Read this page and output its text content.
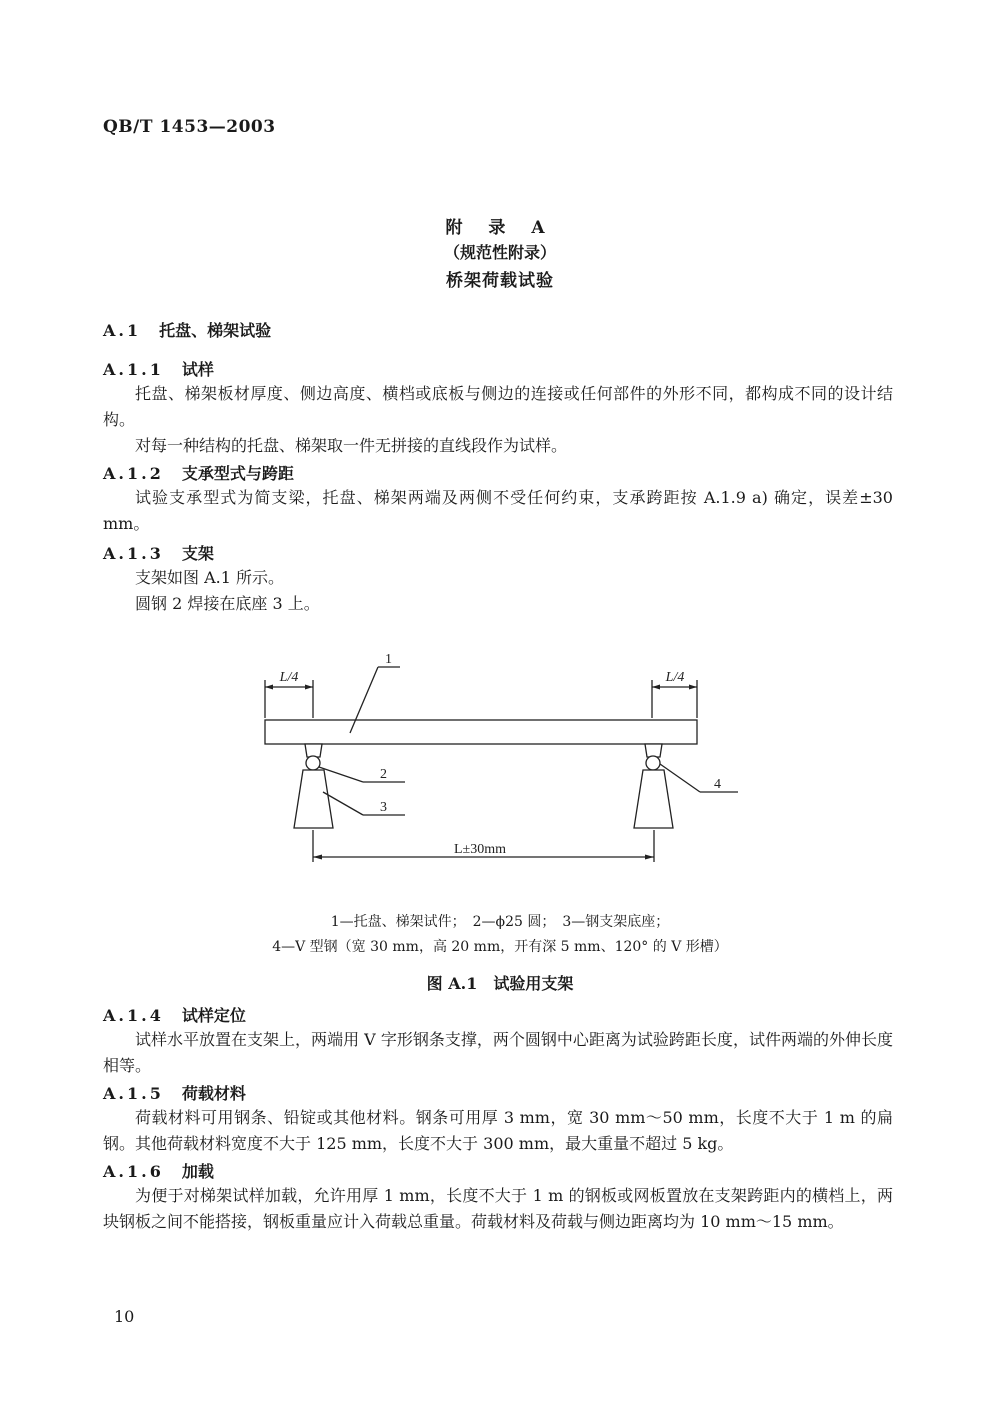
QB/T 1453—2003
附 录 A
（规范性附录）
桥架荷载试验
A.1 托盘、梯架试验
A.1.1 试样
托盘、梯架板材厚度、侧边高度、横档或底板与侧边的连接或任何部件的外形不同，都构成不同的设计结构。
对每一种结构的托盘、梯架取一件无拼接的直线段作为试样。
A.1.2 支承型式与跨距
试验支承型式为简支梁，托盘、梯架两端及两侧不受任何约束，支承跨距按 A.1.9 a) 确定，误差±30 mm。
A.1.3 支架
支架如图 A.1 所示。
圆钢 2 焊接在底座 3 上。
L/4	L/4
L±30mm
1
2
3
4
1—托盘、梯架试件；　2—ϕ25 圆；　3—钢支架底座；
4—V 型钢（宽 30 mm，高 20 mm，开有深 5 mm、120° 的 V 形槽）
图 A.1　试验用支架
A.1.4 试样定位
试样水平放置在支架上，两端用 V 字形钢条支撑，两个圆钢中心距离为试验跨距长度，试件两端的外伸长度相等。
A.1.5 荷载材料
荷载材料可用钢条、铅锭或其他材料。钢条可用厚 3 mm，宽 30 mm～50 mm，长度不大于 1 m 的扁钢。其他荷载材料宽度不大于 125 mm，长度不大于 300 mm，最大重量不超过 5 kg。
A.1.6 加载
为便于对梯架试样加载，允许用厚 1 mm，长度不大于 1 m 的钢板或网板置放在支架跨距内的横档上，两块钢板之间不能搭接，钢板重量应计入荷载总重量。荷载材料及荷载与侧边距离均为 10 mm～15 mm。
10
